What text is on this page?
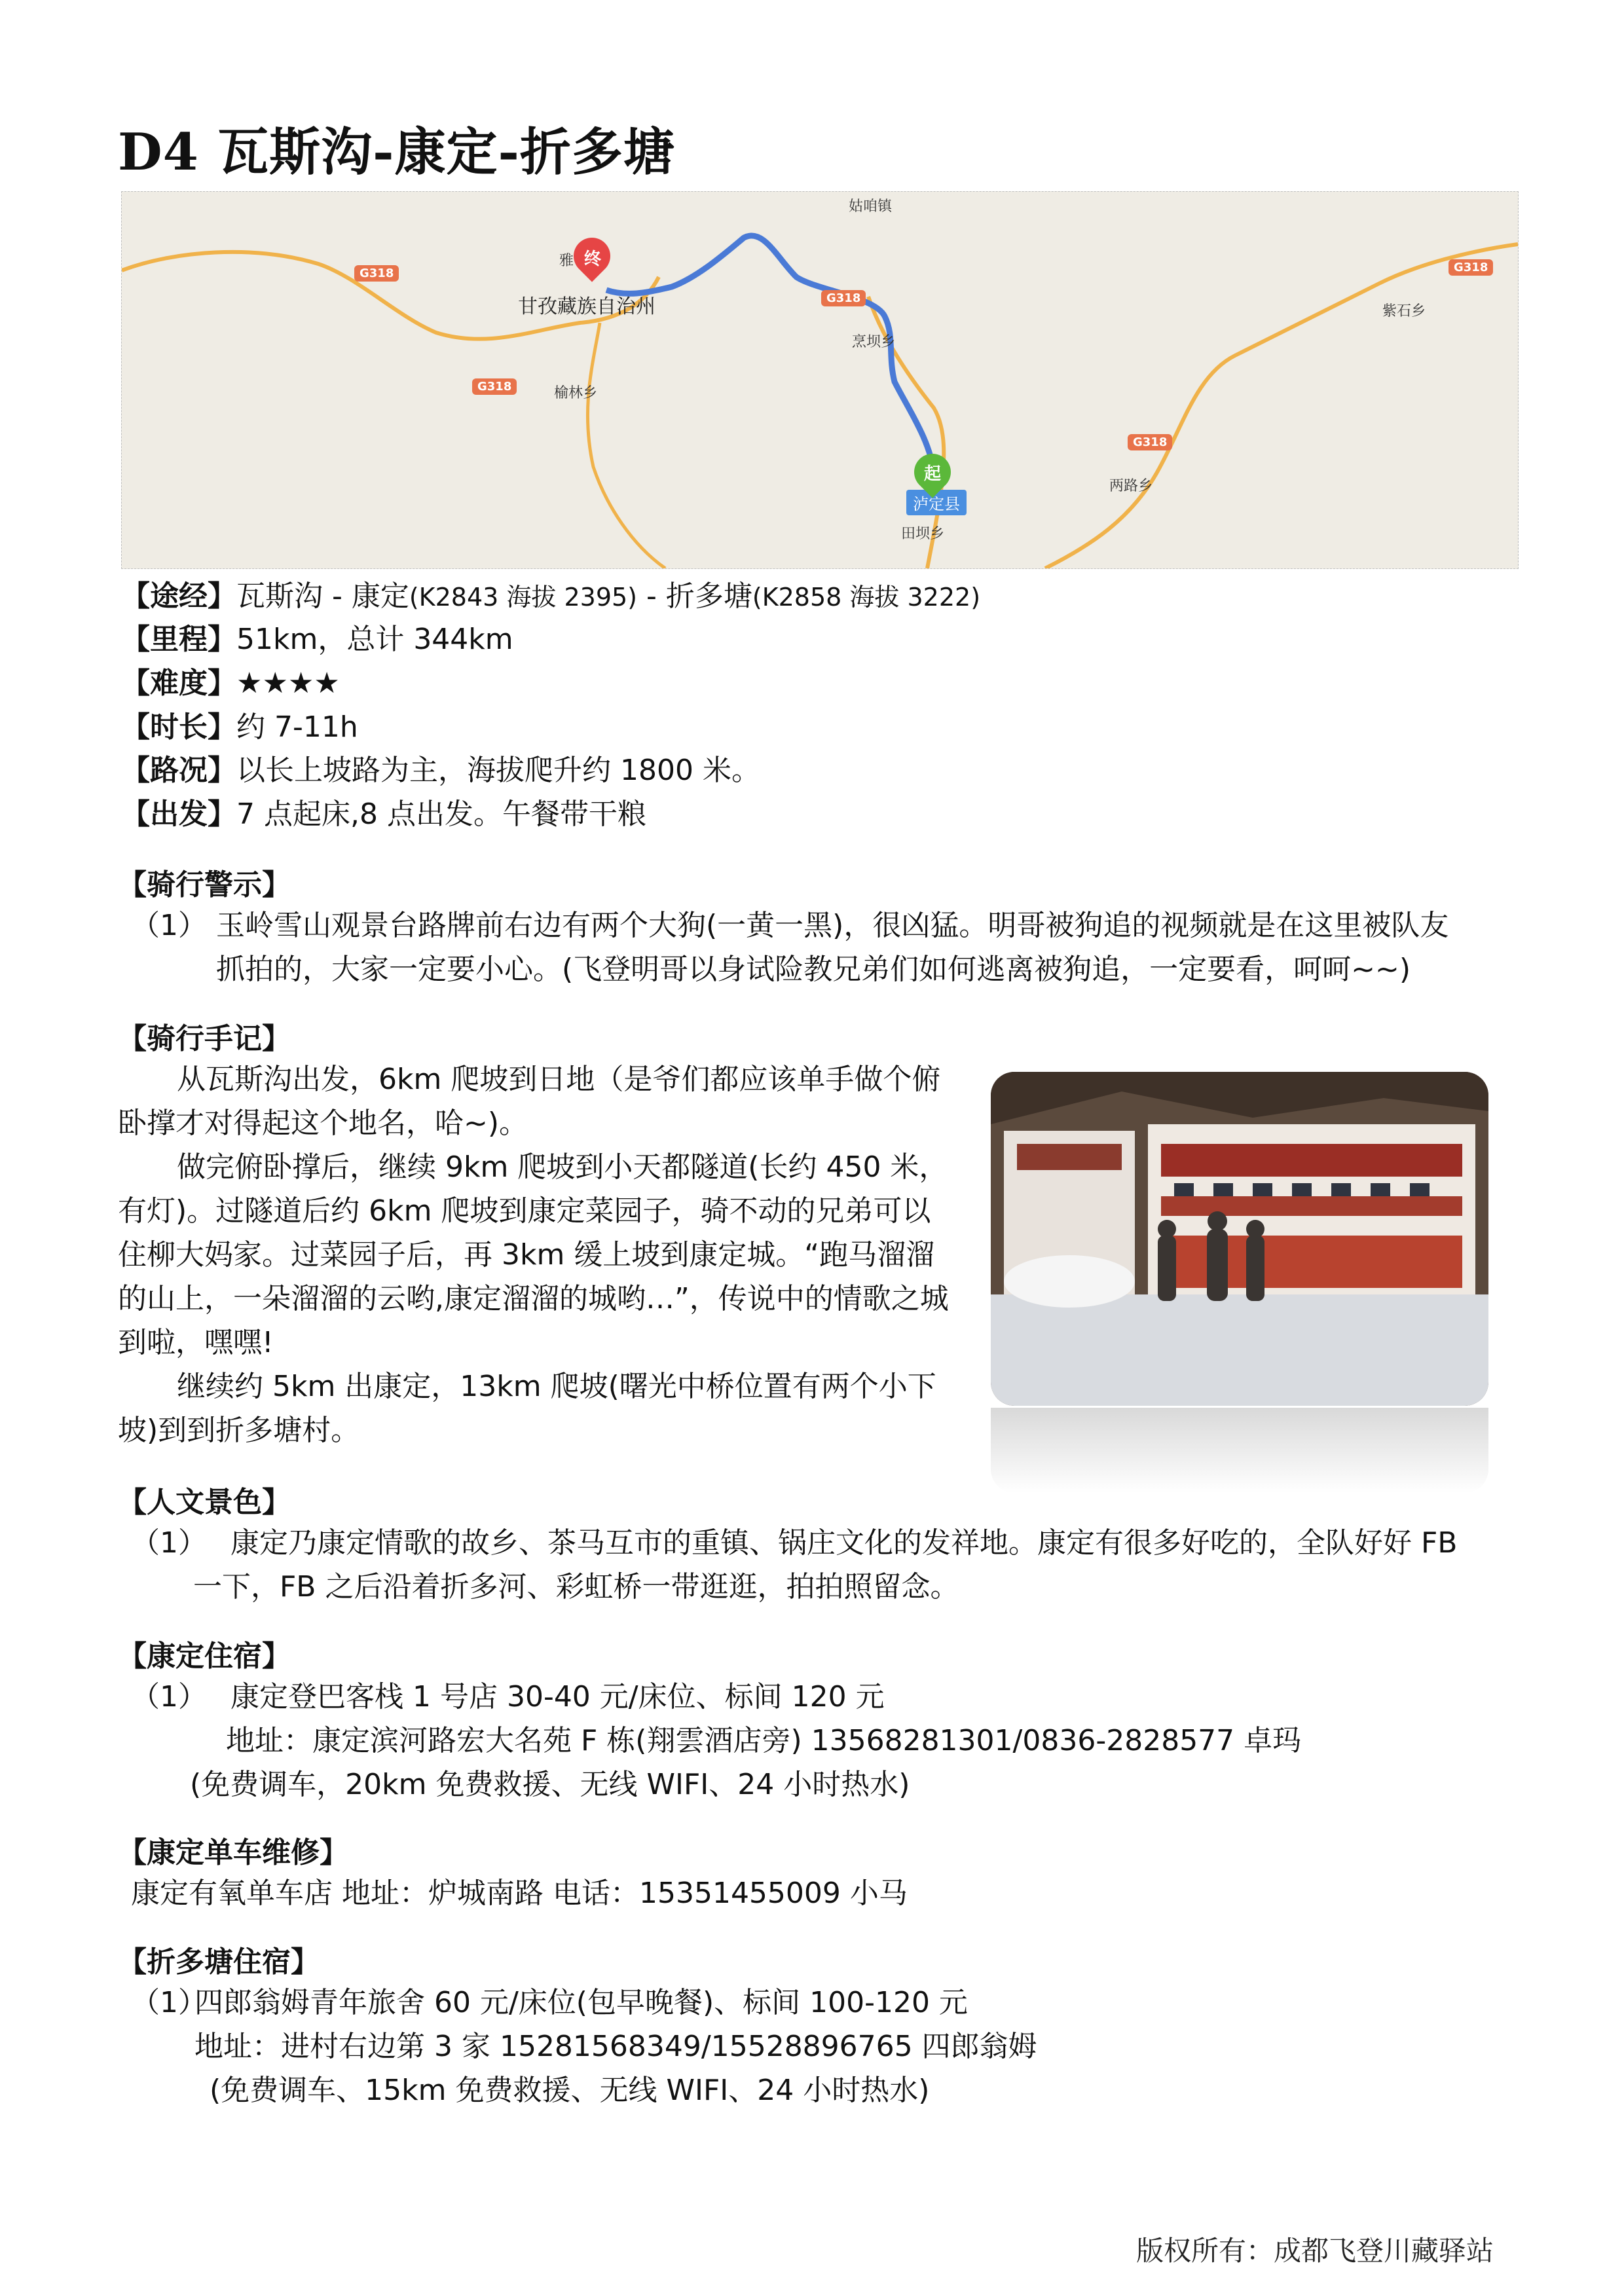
D4 瓦斯沟-康定-折多塘
G318
G318
G318
G318
G318
姑咱镇
雅
甘孜藏族自治州
榆林乡
烹坝乡
紫石乡
两路乡
田坝乡
泸定县
终
起
【途经】瓦斯沟 - 康定(K2843 海拔 2395) - 折多塘(K2858 海拔 3222)
【里程】51km，总计 344km
【难度】★★★★
【时长】约 7-11h
【路况】以长上坡路为主，海拔爬升约 1800 米。
【出发】7 点起床,8 点出发。午餐带干粮
【骑行警示】
（1） 玉岭雪山观景台路牌前右边有两个大狗(一黄一黑)，很凶猛。明哥被狗追的视频就是在这里被队友
抓拍的，大家一定要小心。(飞登明哥以身试险教兄弟们如何逃离被狗追，一定要看，呵呵~~)
【骑行手记】
从瓦斯沟出发，6km 爬坡到日地（是爷们都应该单手做个俯
卧撑才对得起这个地名，哈~)。
做完俯卧撑后，继续 9km 爬坡到小天都隧道(长约 450 米，
有灯)。过隧道后约 6km 爬坡到康定菜园子，骑不动的兄弟可以
住柳大妈家。过菜园子后，再 3km 缓上坡到康定城。“跑马溜溜
的山上，一朵溜溜的云哟,康定溜溜的城哟…”，传说中的情歌之城
到啦，嘿嘿!
继续约 5km 出康定，13km 爬坡(曙光中桥位置有两个小下
坡)到到折多塘村。
【人文景色】
（1） 康定乃康定情歌的故乡、茶马互市的重镇、锅庄文化的发祥地。康定有很多好吃的，全队好好 FB
一下，FB 之后沿着折多河、彩虹桥一带逛逛，拍拍照留念。
【康定住宿】
（1） 康定登巴客栈 1 号店 30-40 元/床位、标间 120 元
地址：康定滨河路宏大名苑 F 栋(翔雲酒店旁) 13568281301/0836-2828577 卓玛
(免费调车，20km 免费救援、无线 WIFI、24 小时热水)
【康定单车维修】
康定有氧单车店 地址：炉城南路 电话：15351455009 小马
【折多塘住宿】
（1）
四郎翁姆青年旅舍 60 元/床位(包早晚餐)、标间 100-120 元
地址：进村右边第 3 家 15281568349/15528896765 四郎翁姆
(免费调车、15km 免费救援、无线 WIFI、24 小时热水)
版权所有：成都飞登川藏驿站
